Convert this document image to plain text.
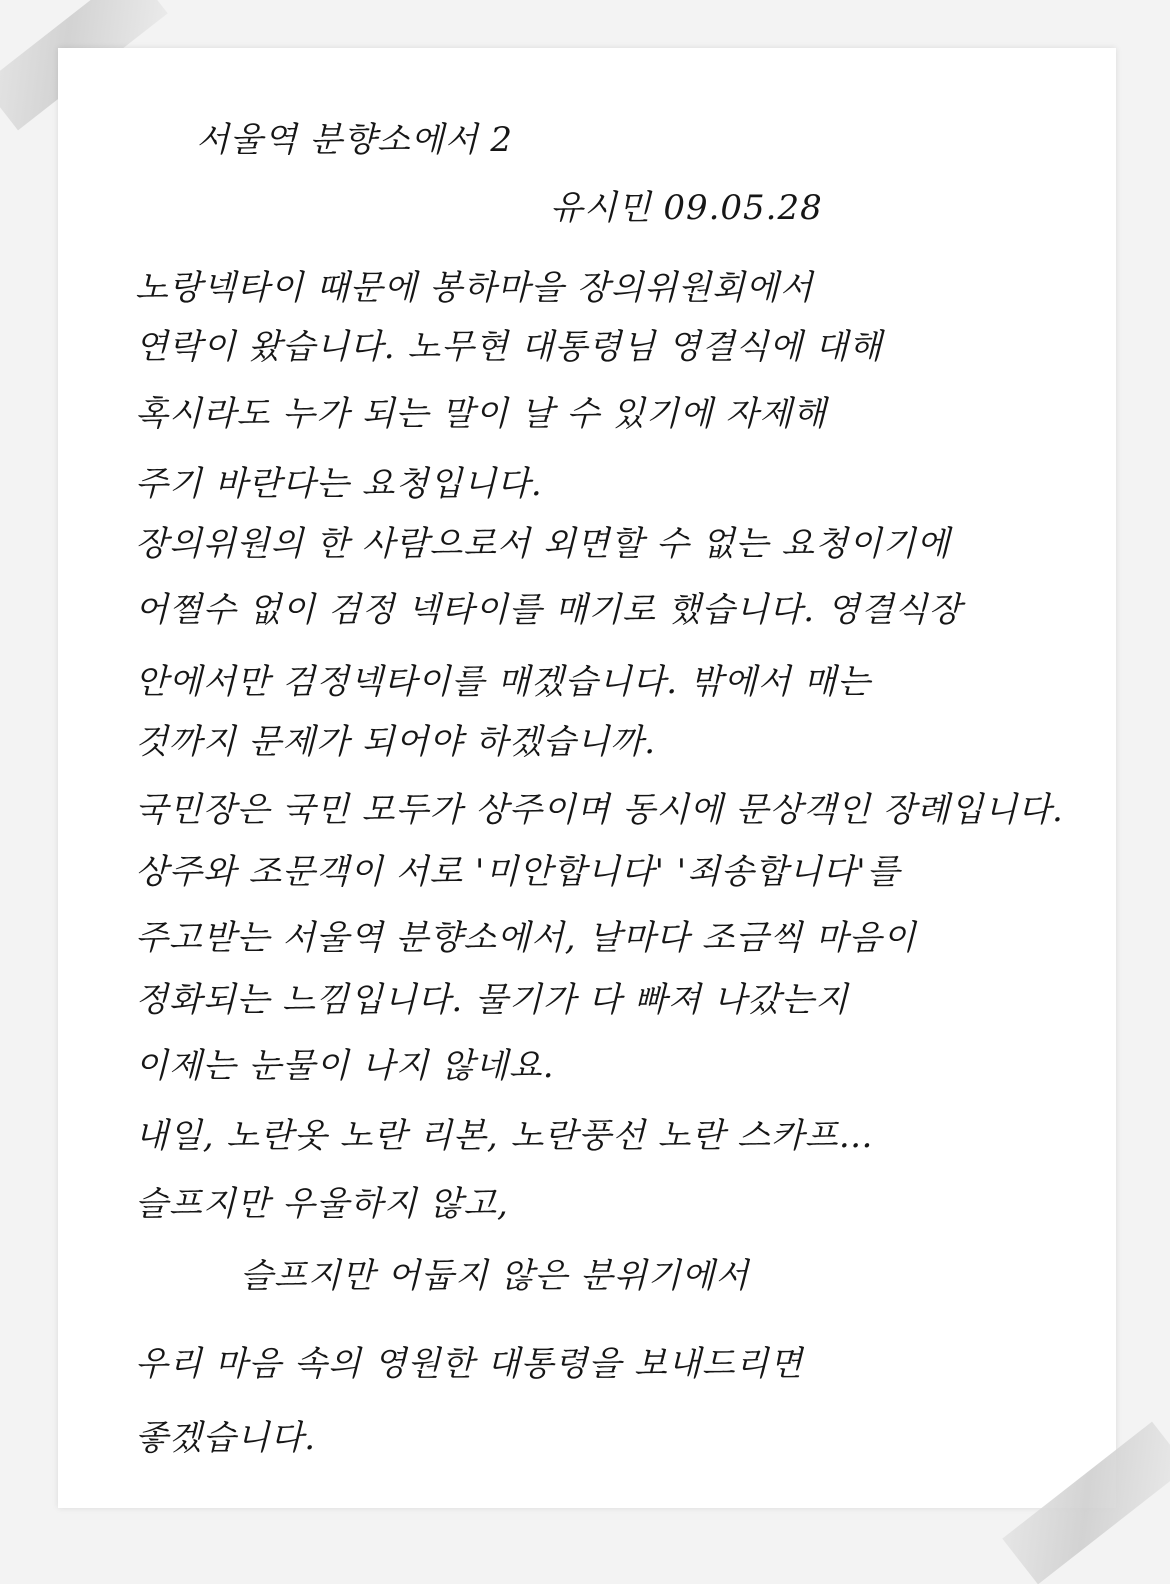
서울역 분향소에서 2

유시민 09.05.28

노랑넥타이 때문에 봉하마을 장의위원회에서

연락이 왔습니다. 노무현 대통령님 영결식에 대해

혹시라도 누가 되는 말이 날 수 있기에 자제해

주기 바란다는 요청입니다.

장의위원의 한 사람으로서 외면할 수 없는 요청이기에

어쩔수 없이 검정 넥타이를 매기로 했습니다. 영결식장

안에서만 검정넥타이를 매겠습니다. 밖에서 매는

것까지 문제가 되어야 하겠습니까.

국민장은 국민 모두가 상주이며 동시에 문상객인 장례입니다.

상주와 조문객이 서로 '미안합니다' '죄송합니다'를

주고받는 서울역 분향소에서, 날마다 조금씩 마음이

정화되는 느낌입니다. 물기가 다 빠져 나갔는지

이제는 눈물이 나지 않네요.

내일, 노란옷 노란 리본, 노란풍선 노란 스카프…

슬프지만 우울하지 않고,

슬프지만 어둡지 않은 분위기에서

우리 마음 속의 영원한 대통령을 보내드리면

좋겠습니다.
